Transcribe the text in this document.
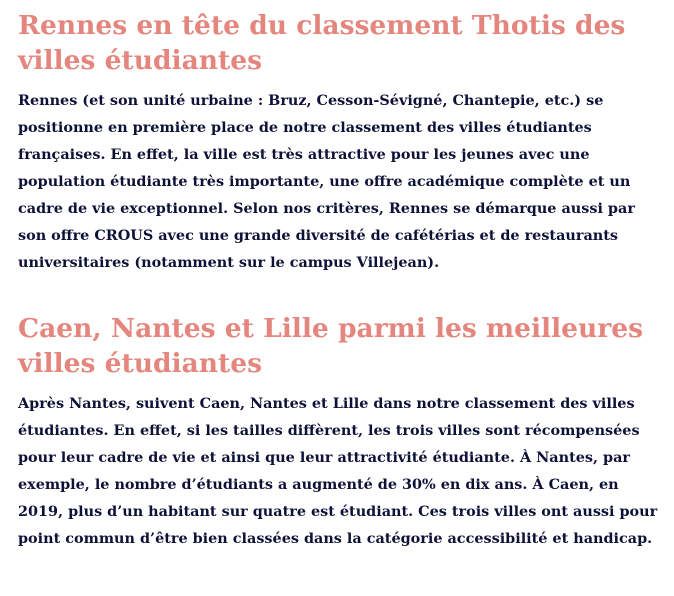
Rennes en tête du classement Thotis des villes étudiantes

Rennes (et son unité urbaine : Bruz, Cesson-Sévigné, Chantepie, etc.) se positionne en première place de notre classement des villes étudiantes françaises. En effet, la ville est très attractive pour les jeunes avec une population étudiante très importante, une offre académique complète et un cadre de vie exceptionnel. Selon nos critères, Rennes se démarque aussi par son offre CROUS avec une grande diversité de cafétérias et de restaurants universitaires (notamment sur le campus Villejean).

Caen, Nantes et Lille parmi les meilleures villes étudiantes

Après Nantes, suivent Caen, Nantes et Lille dans notre classement des villes étudiantes. En effet, si les tailles diffèrent, les trois villes sont récompensées pour leur cadre de vie et ainsi que leur attractivité étudiante. À Nantes, par exemple, le nombre d’étudiants a augmenté de 30% en dix ans. À Caen, en 2019, plus d’un habitant sur quatre est étudiant. Ces trois villes ont aussi pour point commun d’être bien classées dans la catégorie accessibilité et handicap.
